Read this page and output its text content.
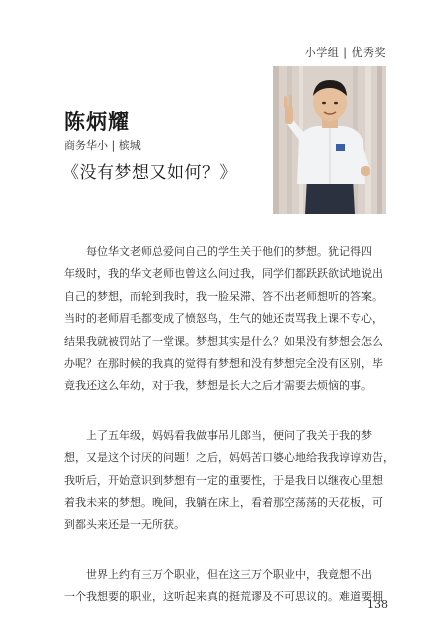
小学组 | 优秀奖
陈炳耀
商务华小 | 槟城
《没有梦想又如何？》
　　每位华文老师总爱问自己的学生关于他们的梦想。犹记得四
年级时，我的华文老师也曾这么问过我，同学们都跃跃欲试地说出
自己的梦想，而轮到我时，我一脸呆滞、答不出老师想听的答案。
当时的老师眉毛都变成了愤怒鸟，生气的她还责骂我上课不专心，
结果我就被罚站了一堂课。梦想其实是什么？如果没有梦想会怎么
办呢？在那时候的我真的觉得有梦想和没有梦想完全没有区别，毕
竟我还这么年幼，对于我，梦想是长大之后才需要去烦恼的事。
　　上了五年级，妈妈看我做事吊儿郎当，便问了我关于我的梦
想，又是这个讨厌的问题！之后，妈妈苦口婆心地给我我谆谆劝告，
我听后，开始意识到梦想有一定的重要性，于是我日以继夜心里想
着我未来的梦想。晚间，我躺在床上，看着那空荡荡的天花板，可
到都头来还是一无所获。
　　世界上约有三万个职业，但在这三万个职业中，我竟想不出
一个我想要的职业，这听起来真的挺荒谬及不可思议的。难道要拥
138
